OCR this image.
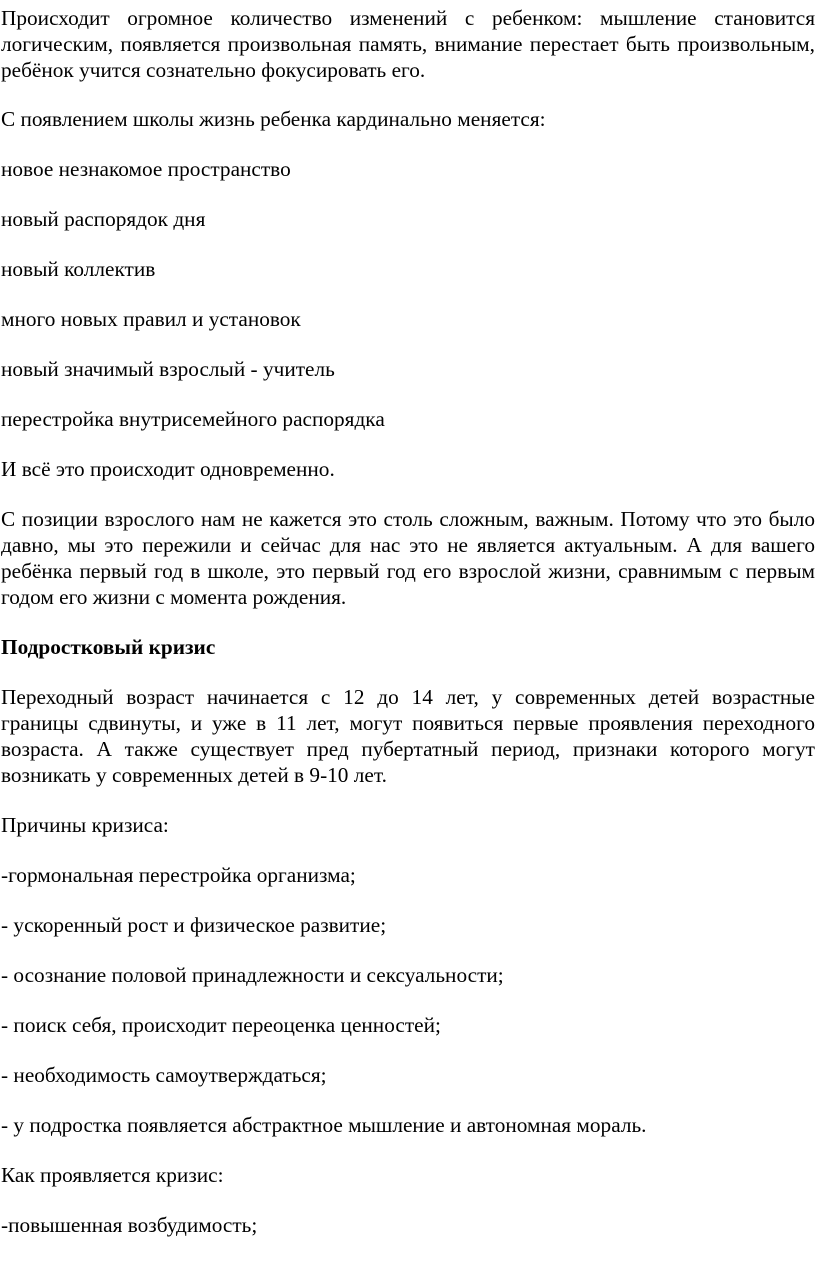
Происходит огромное количество изменений с ребенком: мышление становится логическим, появляется произвольная память, внимание перестает быть произвольным, ребёнок учится сознательно фокусировать его.

С появлением школы жизнь ребенка кардинально меняется:

новое незнакомое пространство

новый распорядок дня

новый коллектив

много новых правил и установок

новый значимый взрослый - учитель

перестройка внутрисемейного распорядка

И всё это происходит одновременно.

С позиции взрослого нам не кажется это столь сложным, важным. Потому что это было давно, мы это пережили и сейчас для нас это не является актуальным. А для вашего ребёнка первый год в школе, это первый год его взрослой жизни, сравнимым с первым годом его жизни с момента рождения.

Подростковый кризис

Переходный возраст начинается с 12 до 14 лет, у современных детей возрастные границы сдвинуты, и уже в 11 лет, могут появиться первые проявления переходного возраста. А также существует пред пубертатный период, признаки которого могут возникать у современных детей в 9-10 лет.

Причины кризиса:

-гормональная перестройка организма;

- ускоренный рост и физическое развитие;

- осознание половой принадлежности и сексуальности;

- поиск себя, происходит переоценка ценностей;

- необходимость самоутверждаться;

- у подростка появляется абстрактное мышление и автономная мораль.

Как проявляется кризис:

-повышенная возбудимость;
